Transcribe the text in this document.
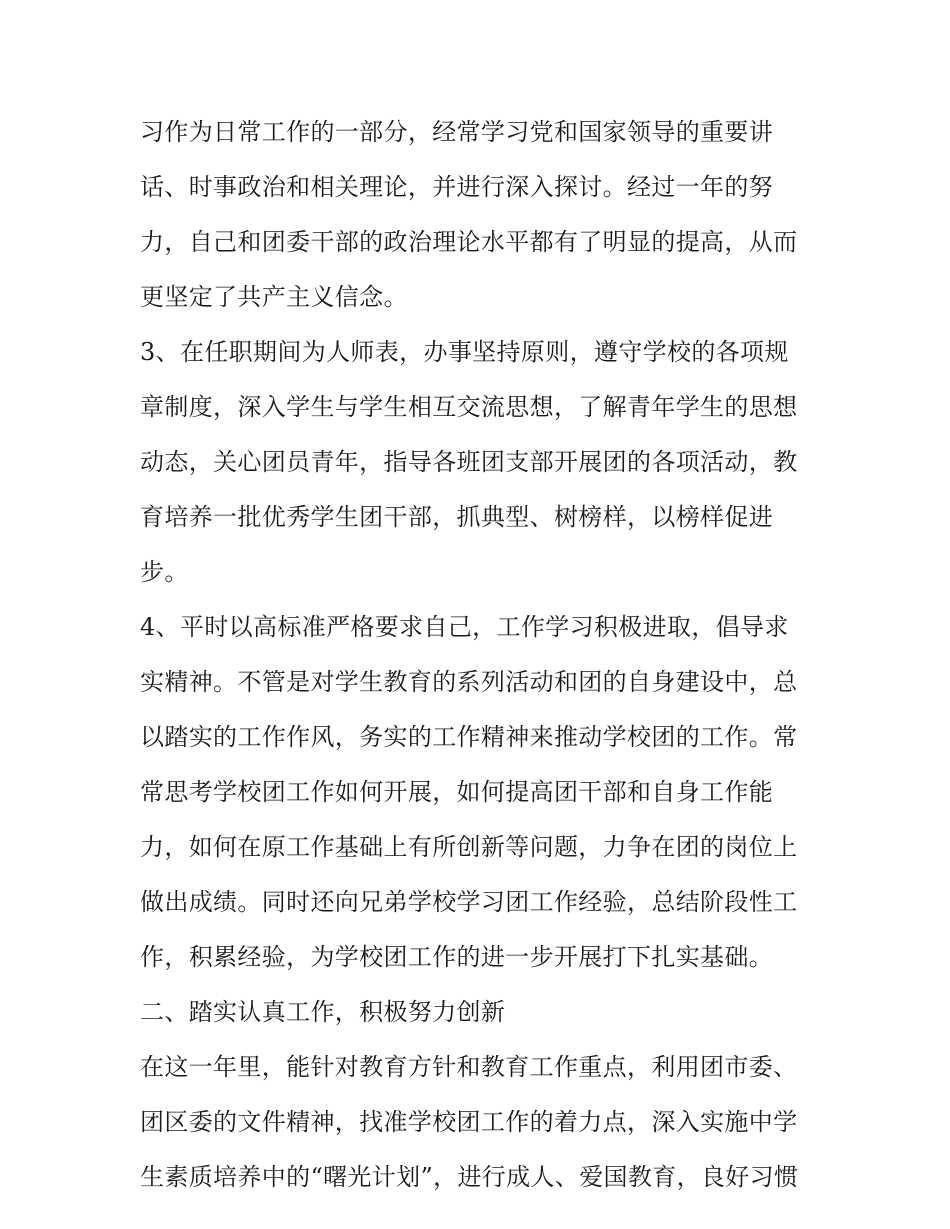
习作为日常工作的一部分，经常学习党和国家领导的重要讲
话、时事政治和相关理论，并进行深入探讨。经过一年的努
力，自己和团委干部的政治理论水平都有了明显的提高，从而
更坚定了共产主义信念。
3、在任职期间为人师表，办事坚持原则，遵守学校的各项规
章制度，深入学生与学生相互交流思想，了解青年学生的思想
动态，关心团员青年，指导各班团支部开展团的各项活动，教
育培养一批优秀学生团干部，抓典型、树榜样，以榜样促进
步。
4、平时以高标准严格要求自己，工作学习积极进取，倡导求
实精神。不管是对学生教育的系列活动和团的自身建设中，总
以踏实的工作作风，务实的工作精神来推动学校团的工作。常
常思考学校团工作如何开展，如何提高团干部和自身工作能
力，如何在原工作基础上有所创新等问题，力争在团的岗位上
做出成绩。同时还向兄弟学校学习团工作经验，总结阶段性工
作，积累经验，为学校团工作的进一步开展打下扎实基础。
二、踏实认真工作，积极努力创新
在这一年里，能针对教育方针和教育工作重点，利用团市委、
团区委的文件精神，找准学校团工作的着力点，深入实施中学
生素质培养中的“曙光计划”，进行成人、爱国教育，良好习惯
